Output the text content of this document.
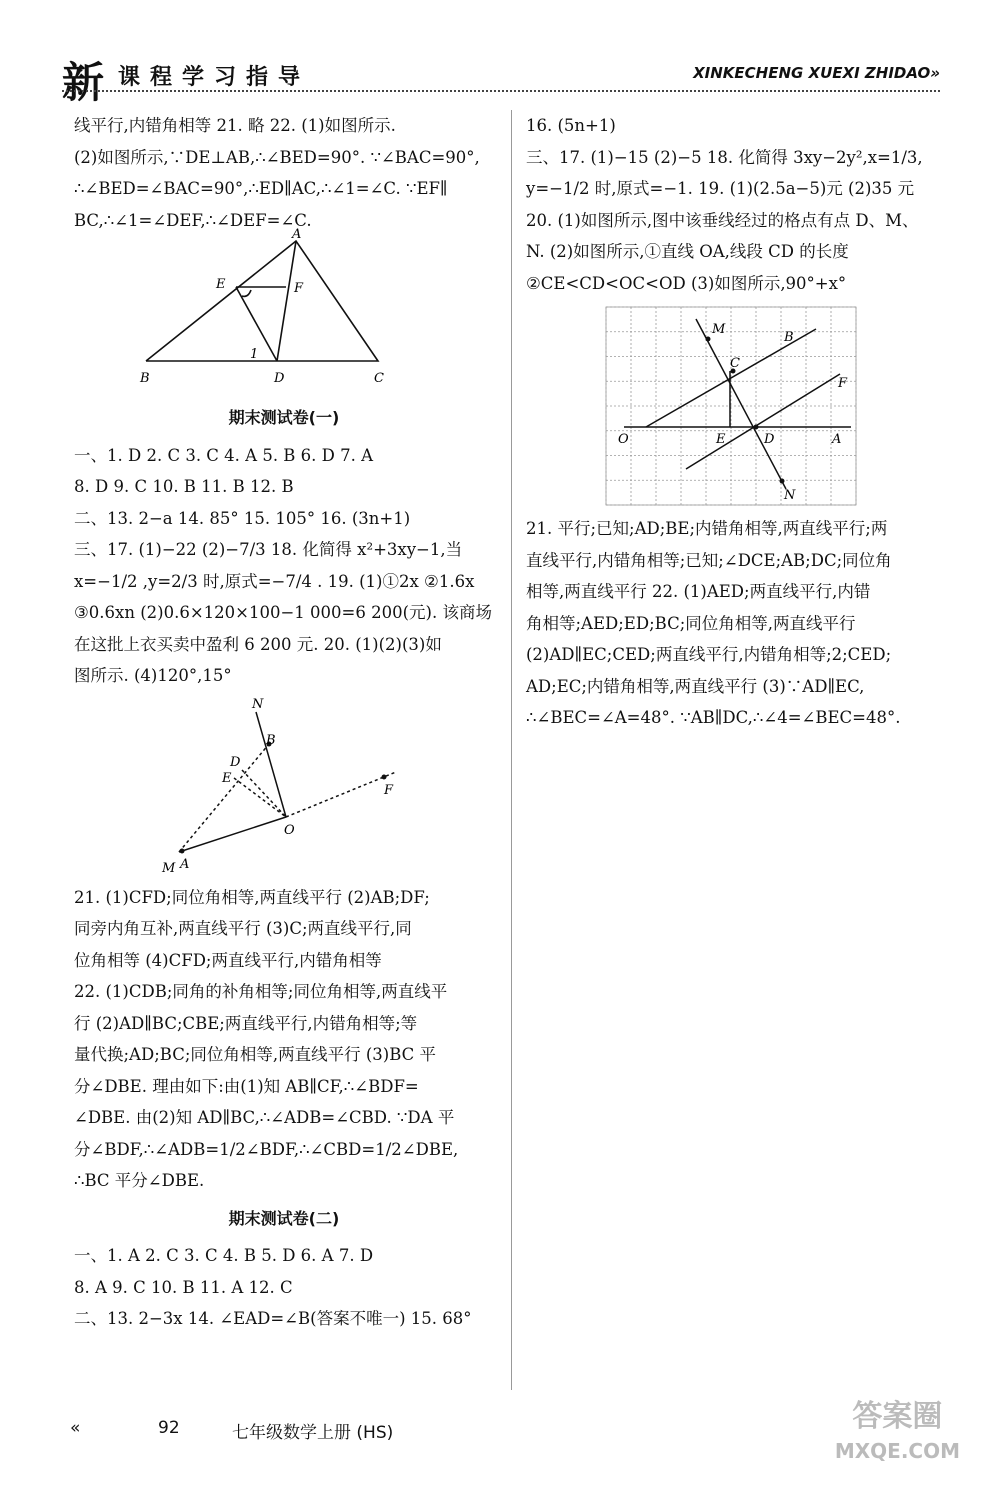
新 课程学习指导	XINKECHENG XUEXI ZHIDAO»

线平行,内错角相等 21. 略 22. (1)如图所示.

(2)如图所示,∵DE⊥AB,∴∠BED=90°. ∵∠BAC=90°,

∴∠BED=∠BAC=90°,∴ED∥AC,∴∠1=∠C. ∵EF∥

BC,∴∠1=∠DEF,∴∠DEF=∠C.

A
E	F
1
B	D	C

期末测试卷(一)

一、1. D 2. C 3. C 4. A 5. B 6. D 7. A

8. D 9. C 10. B 11. B 12. B

二、13. 2−a 14. 85° 15. 105° 16. (3n+1)

三、17. (1)−22 (2)−7/3 18. 化简得 x²+3xy−1,当

x=−1/2 ,y=2/3 时,原式=−7/4 . 19. (1)①2x ②1.6x

③0.6xn (2)0.6×120×100−1 000=6 200(元). 该商场

在这批上衣买卖中盈利 6 200 元. 20. (1)(2)(3)如

图所示. (4)120°,15°

N
B
D
E
F
O
M A

21. (1)CFD;同位角相等,两直线平行 (2)AB;DF;

同旁内角互补,两直线平行 (3)C;两直线平行,同

位角相等 (4)CFD;两直线平行,内错角相等

22. (1)CDB;同角的补角相等;同位角相等,两直线平

行 (2)AD∥BC;CBE;两直线平行,内错角相等;等

量代换;AD;BC;同位角相等,两直线平行 (3)BC 平

分∠DBE. 理由如下:由(1)知 AB∥CF,∴∠BDF=

∠DBE. 由(2)知 AD∥BC,∴∠ADB=∠CBD. ∵DA 平

分∠BDF,∴∠ADB=1/2∠BDF,∴∠CBD=1/2∠DBE,

∴BC 平分∠DBE.

期末测试卷(二)

一、1. A 2. C 3. C 4. B 5. D 6. A 7. D

8. A 9. C 10. B 11. A 12. C

二、13. 2−3x 14. ∠EAD=∠B(答案不唯一) 15. 68°

16. (5n+1)

三、17. (1)−15 (2)−5 18. 化简得 3xy−2y²,x=1/3,

y=−1/2 时,原式=−1. 19. (1)(2.5a−5)元 (2)35 元

20. (1)如图所示,图中该垂线经过的格点有点 D、M、

N. (2)如图所示,①直线 OA,线段 CD 的长度

②CE<CD<OC<OD (3)如图所示,90°+x°

M
B
C
F
O	E	D	A
N

21. 平行;已知;AD;BE;内错角相等,两直线平行;两

直线平行,内错角相等;已知;∠DCE;AB;DC;同位角

相等,两直线平行 22. (1)AED;两直线平行,内错

角相等;AED;ED;BC;同位角相等,两直线平行

(2)AD∥EC;CED;两直线平行,内错角相等;2;CED;

AD;EC;内错角相等,两直线平行 (3)∵AD∥EC,

∴∠BEC=∠A=48°. ∵AB∥DC,∴∠4=∠BEC=48°.

«	92	七年级数学上册 (HS)	答案圈
MXQE.COM
